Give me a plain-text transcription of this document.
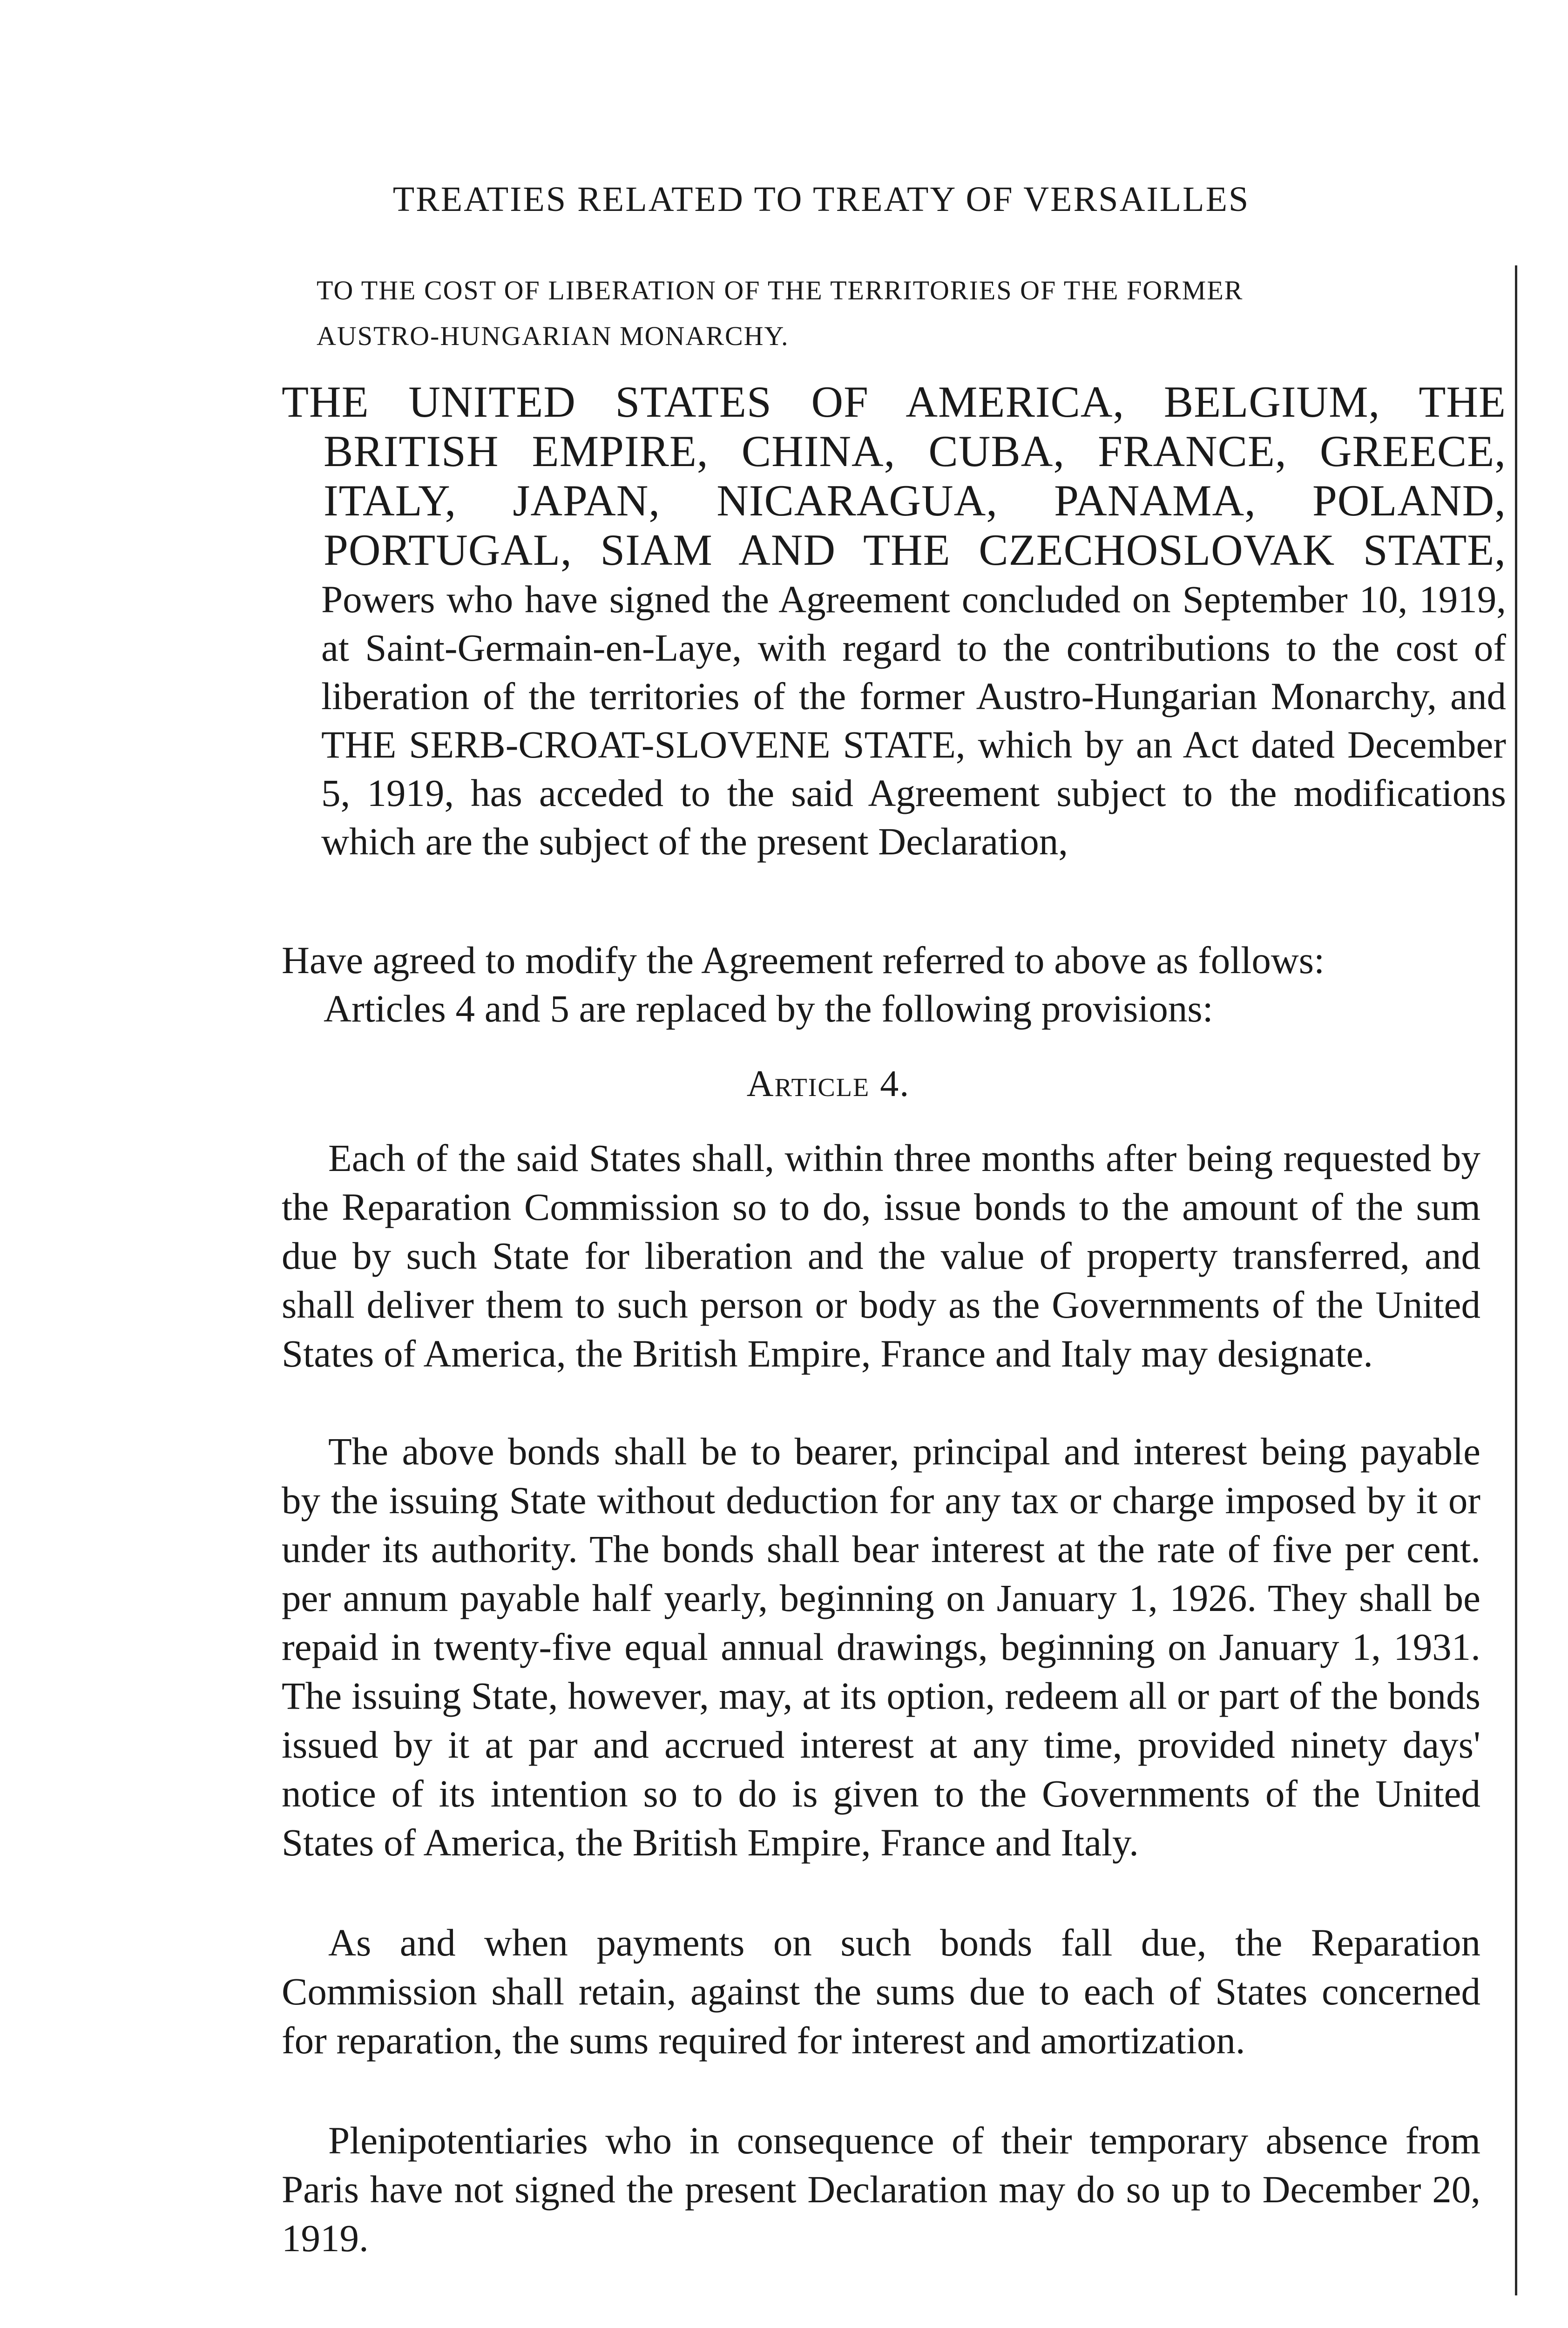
TREATIES RELATED TO TREATY OF VERSAILLES
TO THE COST OF LIBERATION OF THE TERRITORIES OF THE FORMER
AUSTRO-HUNGARIAN MONARCHY.
THE UNITED STATES OF AMERICA, BELGIUM, THE
BRITISH EMPIRE, CHINA, CUBA, FRANCE, GREECE,
ITALY, JAPAN, NICARAGUA, PANAMA, POLAND,
PORTUGAL, SIAM AND THE CZECHOSLOVAK STATE,
Powers who have signed the Agreement concluded on September 10, 1919, at Saint-Germain-en-Laye, with regard to the contributions to the cost of liberation of the territories of the former Austro-Hungarian Monarchy, and THE SERB-CROAT-SLOVENE STATE, which by an Act dated December 5, 1919, has acceded to the said Agreement subject to the modifications which are the subject of the present Declaration,
Have agreed to modify the Agreement referred to above as follows:
Articles 4 and 5 are replaced by the following provisions:
Article 4.
Each of the said States shall, within three months after being requested by the Reparation Commission so to do, issue bonds to the amount of the sum due by such State for liberation and the value of property transferred, and shall deliver them to such person or body as the Governments of the United States of America, the British Empire, France and Italy may designate.
The above bonds shall be to bearer, principal and interest being payable by the issuing State without deduction for any tax or charge imposed by it or under its authority. The bonds shall bear interest at the rate of five per cent. per annum payable half yearly, beginning on January 1, 1926. They shall be repaid in twenty-five equal annual drawings, beginning on January 1, 1931. The issuing State, however, may, at its option, redeem all or part of the bonds issued by it at par and accrued interest at any time, provided ninety days' notice of its intention so to do is given to the Governments of the United States of America, the British Empire, France and Italy.
As and when payments on such bonds fall due, the Reparation Commission shall retain, against the sums due to each of States concerned for reparation, the sums required for interest and amortization.
Plenipotentiaries who in consequence of their temporary absence from Paris have not signed the present Declaration may do so up to December 20, 1919.
